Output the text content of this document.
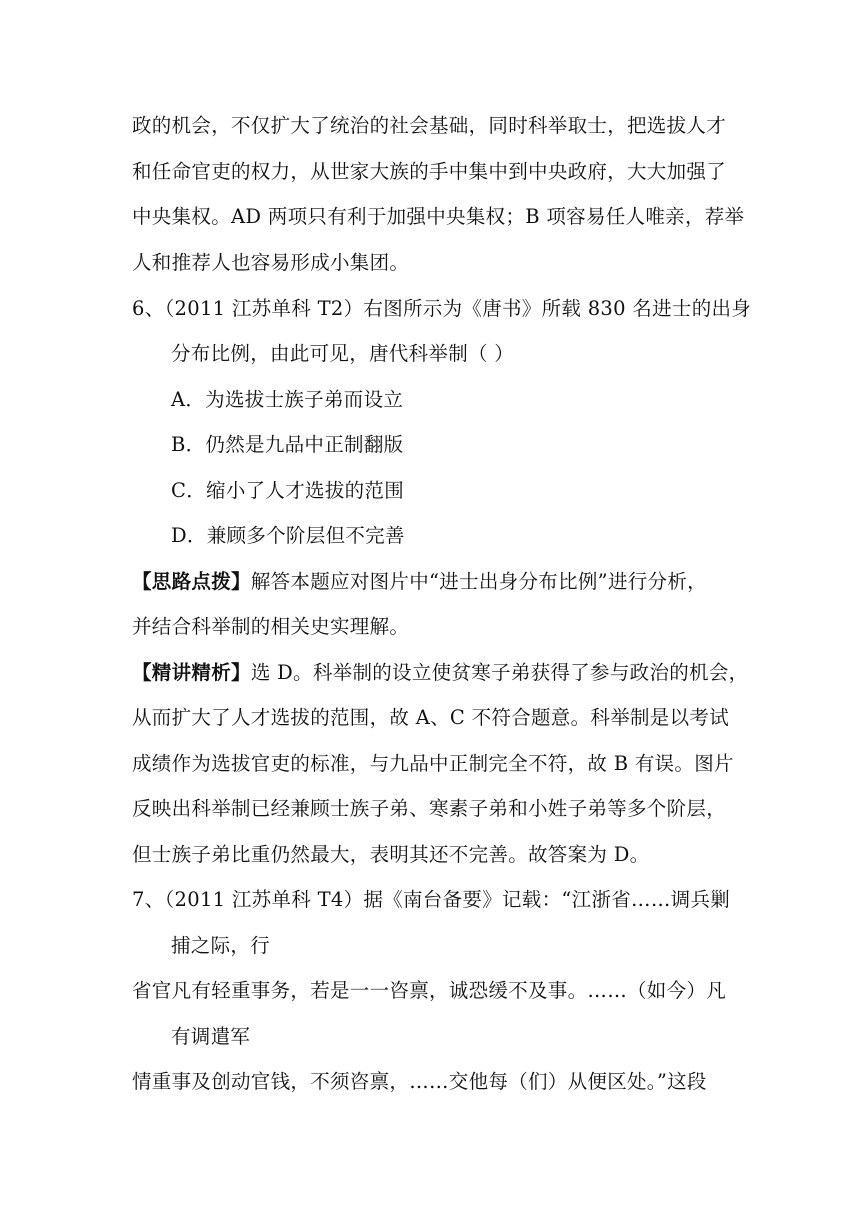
政的机会，不仅扩大了统治的社会基础，同时科举取士，把选拔人才
和任命官吏的权力，从世家大族的手中集中到中央政府，大大加强了
中央集权。AD 两项只有利于加强中央集权；B 项容易任人唯亲，荐举
人和推荐人也容易形成小集团。
6、（2011 江苏单科 T2）右图所示为《唐书》所载 830 名进士的出身
分布比例，由此可见，唐代科举制（ ）
A．为选拔士族子弟而设立
B．仍然是九品中正制翻版
C．缩小了人才选拔的范围
D．兼顾多个阶层但不完善
【思路点拨】解答本题应对图片中“进士出身分布比例”进行分析，
并结合科举制的相关史实理解。
【精讲精析】选 D。科举制的设立使贫寒子弟获得了参与政治的机会，
从而扩大了人才选拔的范围，故 A、C 不符合题意。科举制是以考试
成绩作为选拔官吏的标准，与九品中正制完全不符，故 B 有误。图片
反映出科举制已经兼顾士族子弟、寒素子弟和小姓子弟等多个阶层，
但士族子弟比重仍然最大，表明其还不完善。故答案为 D。
7、（2011 江苏单科 T4）据《南台备要》记载：“江浙省……调兵剿
捕之际，行
省官凡有轻重事务，若是一一咨禀，诚恐缓不及事。……（如今）凡
有调遣军
情重事及创动官钱，不须咨禀，……交他每（们）从便区处。”这段
